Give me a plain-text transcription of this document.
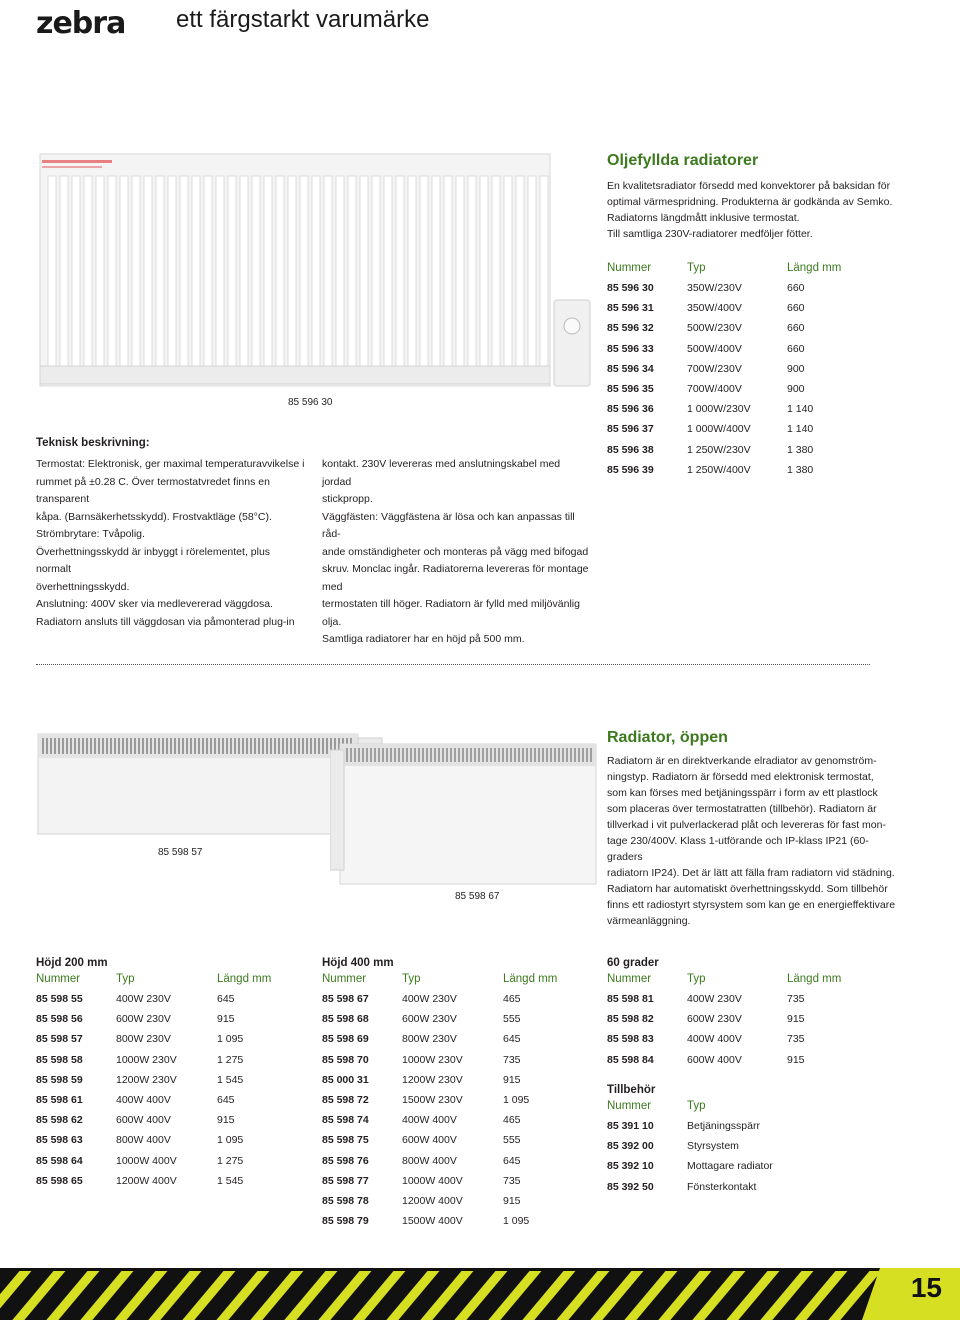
zebra ett färgstarkt varumärke
85 596 30
Oljefyllda radiatorer

En kvalitetsradiator försedd med konvektorer på baksidan för

optimal värmespridning. Produkterna är godkända av Semko.

Radiatorns längdmått inklusive termostat.

Till samtliga 230V-radiatorer medföljer fötter.

Nummer	Typ	Längd mm
85 596 30	350W/230V	660
85 596 31	350W/400V	660
85 596 32	500W/230V	660
85 596 33	500W/400V	660
85 596 34	700W/230V	900
85 596 35	700W/400V	900
85 596 36	1 000W/230V	1 140
85 596 37	1 000W/400V	1 140
85 596 38	1 250W/230V	1 380
85 596 39	1 250W/400V	1 380
Teknisk beskrivning:

Termostat: Elektronisk, ger maximal temperaturavvikelse i

rummet på ±0.28 C. Över termostatvredet finns en transparent

kåpa. (Barnsäkerhetsskydd). Frostvaktläge (58°C).

Strömbrytare: Tvåpolig.

Överhettningsskydd är inbyggt i rörelementet, plus normalt

överhettningsskydd.

Anslutning: 400V sker via medlevererad väggdosa.

Radiatorn ansluts till väggdosan via påmonterad plug-in

kontakt. 230V levereras med anslutningskabel med jordad

stickpropp.

Väggfästen: Väggfästena är lösa och kan anpassas till råd-

ande omständigheter och monteras på vägg med bifogad

skruv. Monclac ingår. Radiatorerna levereras för montage med

termostaten till höger. Radiatorn är fylld med miljövänlig olja.

Samtliga radiatorer har en höjd på 500 mm.

85 598 57
85 598 67
Radiator, öppen

Radiatorn är en direktverkande elradiator av genomström-

ningstyp. Radiatorn är försedd med elektronisk termostat,

som kan förses med betjäningsspärr i form av ett plastlock

som placeras över termostatratten (tillbehör). Radiatorn är

tillverkad i vit pulverlackerad plåt och levereras för fast mon-

tage 230/400V. Klass 1-utförande och IP-klass IP21 (60-graders

radiatorn IP24). Det är lätt att fälla fram radiatorn vid städning.

Radiatorn har automatiskt överhettningsskydd. Som tillbehör

finns ett radiostyrt styrsystem som kan ge en energieffektivare

värmeanläggning.

Höjd 200 mm
Nummer	Typ	Längd mm
85 598 55	400W 230V	645
85 598 56	600W 230V	915
85 598 57	800W 230V	1 095
85 598 58	1000W 230V	1 275
85 598 59	1200W 230V	1 545
85 598 61	400W 400V	645
85 598 62	600W 400V	915
85 598 63	800W 400V	1 095
85 598 64	1000W 400V	1 275
85 598 65	1200W 400V	1 545
Höjd 400 mm
Nummer	Typ	Längd mm
85 598 67	400W 230V	465
85 598 68	600W 230V	555
85 598 69	800W 230V	645
85 598 70	1000W 230V	735
85 000 31	1200W 230V	915
85 598 72	1500W 230V	1 095
85 598 74	400W 400V	465
85 598 75	600W 400V	555
85 598 76	800W 400V	645
85 598 77	1000W 400V	735
85 598 78	1200W 400V	915
85 598 79	1500W 400V	1 095
60 grader
Nummer	Typ	Längd mm
85 598 81	400W 230V	735
85 598 82	600W 230V	915
85 598 83	400W 400V	735
85 598 84	600W 400V	915
Tillbehör
Nummer	Typ
85 391 10	Betjäningsspärr
85 392 00	Styrsystem
85 392 10	Mottagare radiator
85 392 50	Fönsterkontakt
15
